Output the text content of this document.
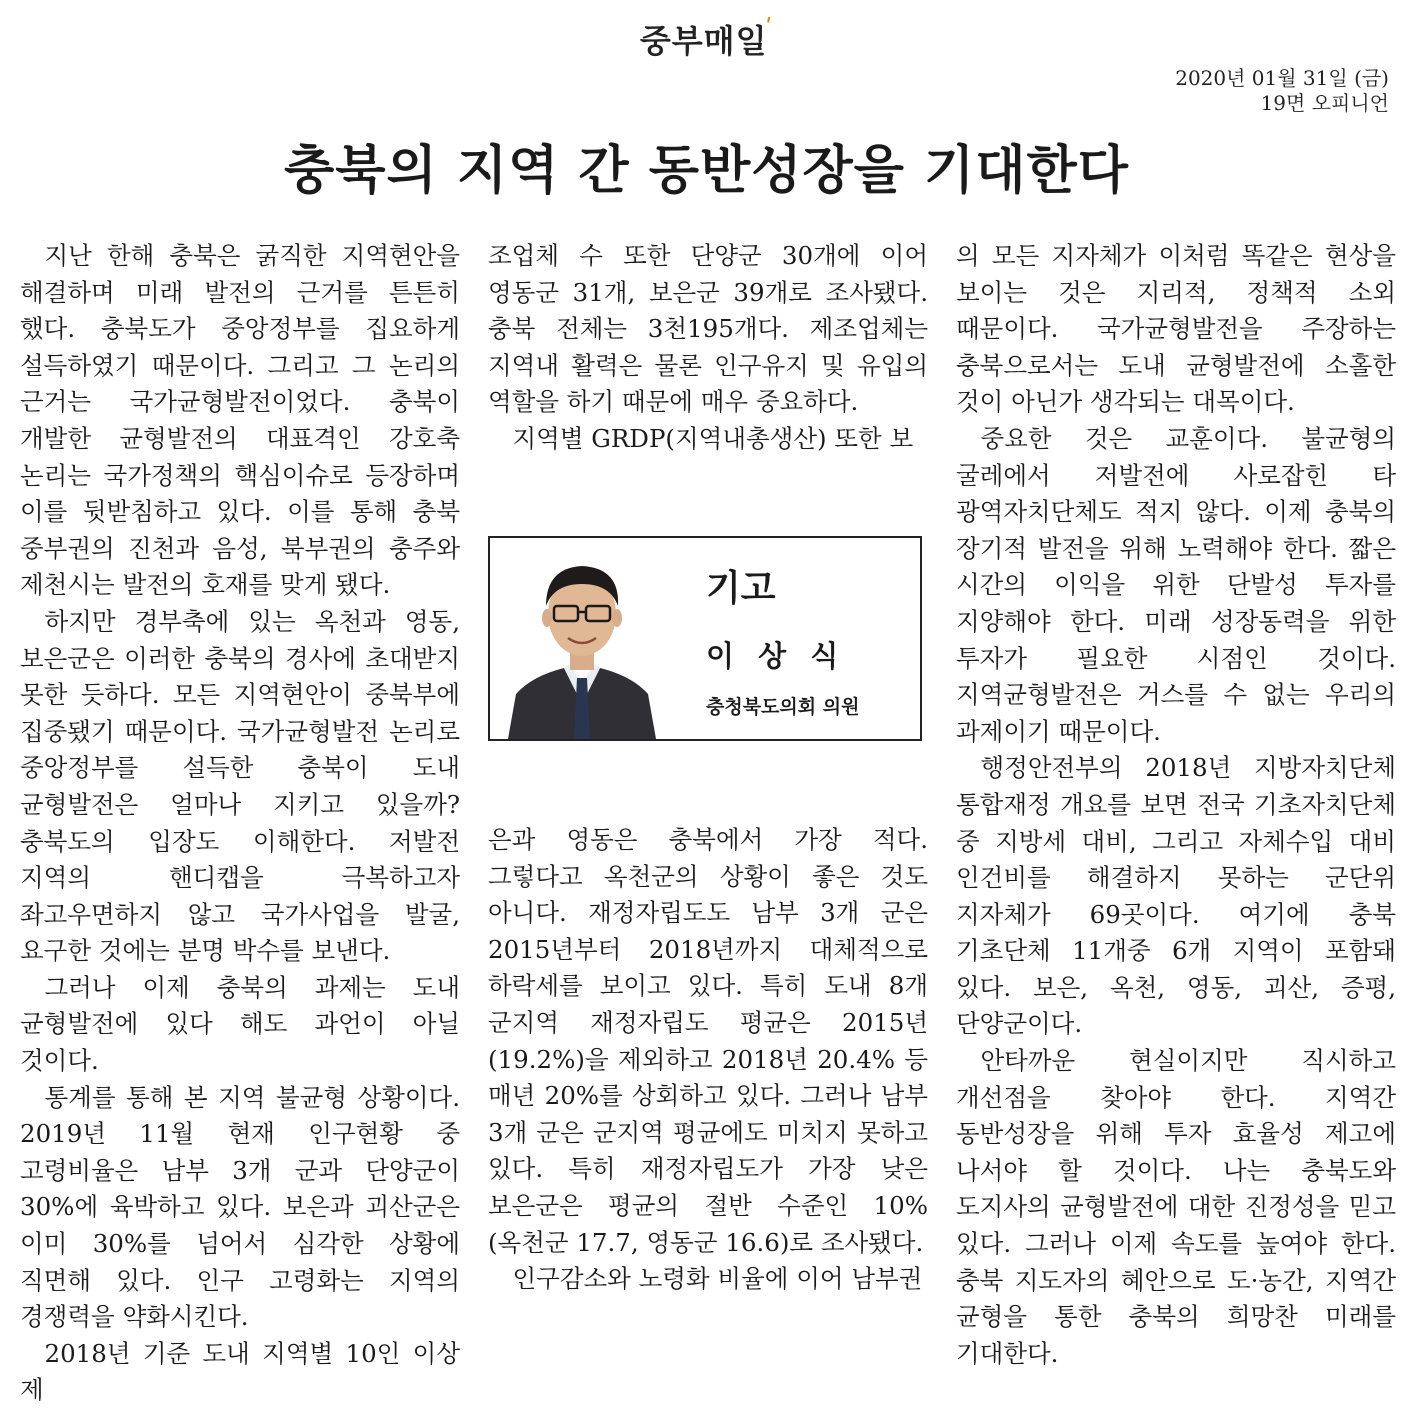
중부매일$^ʹ$
2020년 01월 31일 (금)
19면 오피니언
충북의 지역 간 동반성장을 기대한다

지난 한해 충북은 굵직한 지역현안을 해결하며 미래 발전의 근거를 튼튼히 했다. 충북도가 중앙정부를 집요하게 설득하였기 때문이다. 그리고 그 논리의 근거는 국가균형발전이었다. 충북이 개발한 균형발전의 대표격인 강호축 논리는 국가정책의 핵심이슈로 등장하며 이를 뒷받침하고 있다. 이를 통해 충북 중부권의 진천과 음성, 북부권의 충주와 제천시는 발전의 호재를 맞게 됐다.

하지만 경부축에 있는 옥천과 영동, 보은군은 이러한 충북의 경사에 초대받지 못한 듯하다. 모든 지역현안이 중북부에 집중됐기 때문이다. 국가균형발전 논리로 중앙정부를 설득한 충북이 도내 균형발전은 얼마나 지키고 있을까? 충북도의 입장도 이해한다. 저발전 지역의 핸디캡을 극복하고자 좌고우면하지 않고 국가사업을 발굴, 요구한 것에는 분명 박수를 보낸다.

그러나 이제 충북의 과제는 도내 균형발전에 있다 해도 과언이 아닐 것이다.

통계를 통해 본 지역 불균형 상황이다. 2019년 11월 현재 인구현황 중 고령비율은 남부 3개 군과 단양군이 30%에 육박하고 있다. 보은과 괴산군은 이미 30%를 넘어서 심각한 상황에 직면해 있다. 인구 고령화는 지역의 경쟁력을 약화시킨다.

2018년 기준 도내 지역별 10인 이상 제

조업체 수 또한 단양군 30개에 이어 영동군 31개, 보은군 39개로 조사됐다. 충북 전체는 3천195개다. 제조업체는 지역내 활력은 물론 인구유지 및 유입의 역할을 하기 때문에 매우 중요하다.

지역별 GRDP(지역내총생산) 또한 보

기고
이 상 식
충청북도의회 의원

은과 영동은 충북에서 가장 적다. 그렇다고 옥천군의 상황이 좋은 것도 아니다. 재정자립도도 남부 3개 군은 2015년부터 2018년까지 대체적으로 하락세를 보이고 있다. 특히 도내 8개 군지역 재정자립도 평균은 2015년(19.2%)을 제외하고 2018년 20.4% 등 매년 20%를 상회하고 있다. 그러나 남부 3개 군은 군지역 평균에도 미치지 못하고 있다. 특히 재정자립도가 가장 낮은 보은군은 평균의 절반 수준인 10%(옥천군 17.7, 영동군 16.6)로 조사됐다.

인구감소와 노령화 비율에 이어 남부권

의 모든 지자체가 이처럼 똑같은 현상을 보이는 것은 지리적, 정책적 소외 때문이다. 국가균형발전을 주장하는 충북으로서는 도내 균형발전에 소홀한 것이 아닌가 생각되는 대목이다.

중요한 것은 교훈이다. 불균형의 굴레에서 저발전에 사로잡힌 타 광역자치단체도 적지 않다. 이제 충북의 장기적 발전을 위해 노력해야 한다. 짧은 시간의 이익을 위한 단발성 투자를 지양해야 한다. 미래 성장동력을 위한 투자가 필요한 시점인 것이다. 지역균형발전은 거스를 수 없는 우리의 과제이기 때문이다.

행정안전부의 2018년 지방자치단체 통합재정 개요를 보면 전국 기초자치단체 중 지방세 대비, 그리고 자체수입 대비 인건비를 해결하지 못하는 군단위 지자체가 69곳이다. 여기에 충북 기초단체 11개중 6개 지역이 포함돼 있다. 보은, 옥천, 영동, 괴산, 증평, 단양군이다.

안타까운 현실이지만 직시하고 개선점을 찾아야 한다. 지역간 동반성장을 위해 투자 효율성 제고에 나서야 할 것이다. 나는 충북도와 도지사의 균형발전에 대한 진정성을 믿고 있다. 그러나 이제 속도를 높여야 한다. 충북 지도자의 혜안으로 도·농간, 지역간 균형을 통한 충북의 희망찬 미래를 기대한다.
